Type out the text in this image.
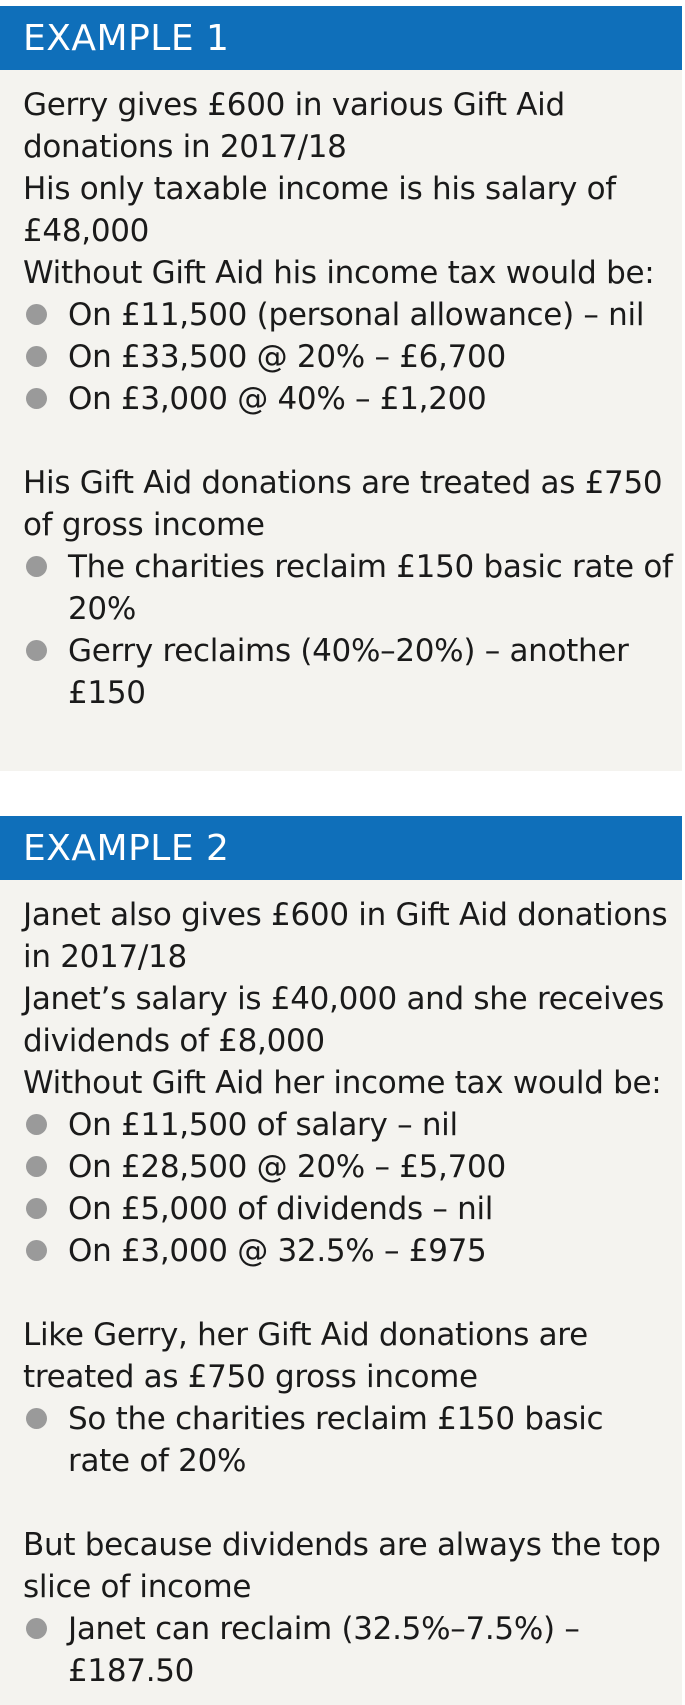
EXAMPLE 1

Gerry gives £600 in various Gift Aid donations in 2017/18

His only taxable income is his salary of £48,000

Without Gift Aid his income tax would be:

On £11,500 (personal allowance) – nil
On £33,500 @ 20% – £6,700
On £3,000 @ 40% – £1,200

His Gift Aid donations are treated as £750 of gross income

The charities reclaim £150 basic rate of 20%
Gerry reclaims (40%–20%) – another £150
EXAMPLE 2

Janet also gives £600 in Gift Aid donations in 2017/18

Janet’s salary is £40,000 and she receives dividends of £8,000

Without Gift Aid her income tax would be:

On £11,500 of salary – nil
On £28,500 @ 20% – £5,700
On £5,000 of dividends – nil
On £3,000 @ 32.5% – £975

Like Gerry, her Gift Aid donations are treated as £750 gross income

So the charities reclaim £150 basic rate of 20%

But because dividends are always the top slice of income

Janet can reclaim (32.5%–7.5%) – £187.50
